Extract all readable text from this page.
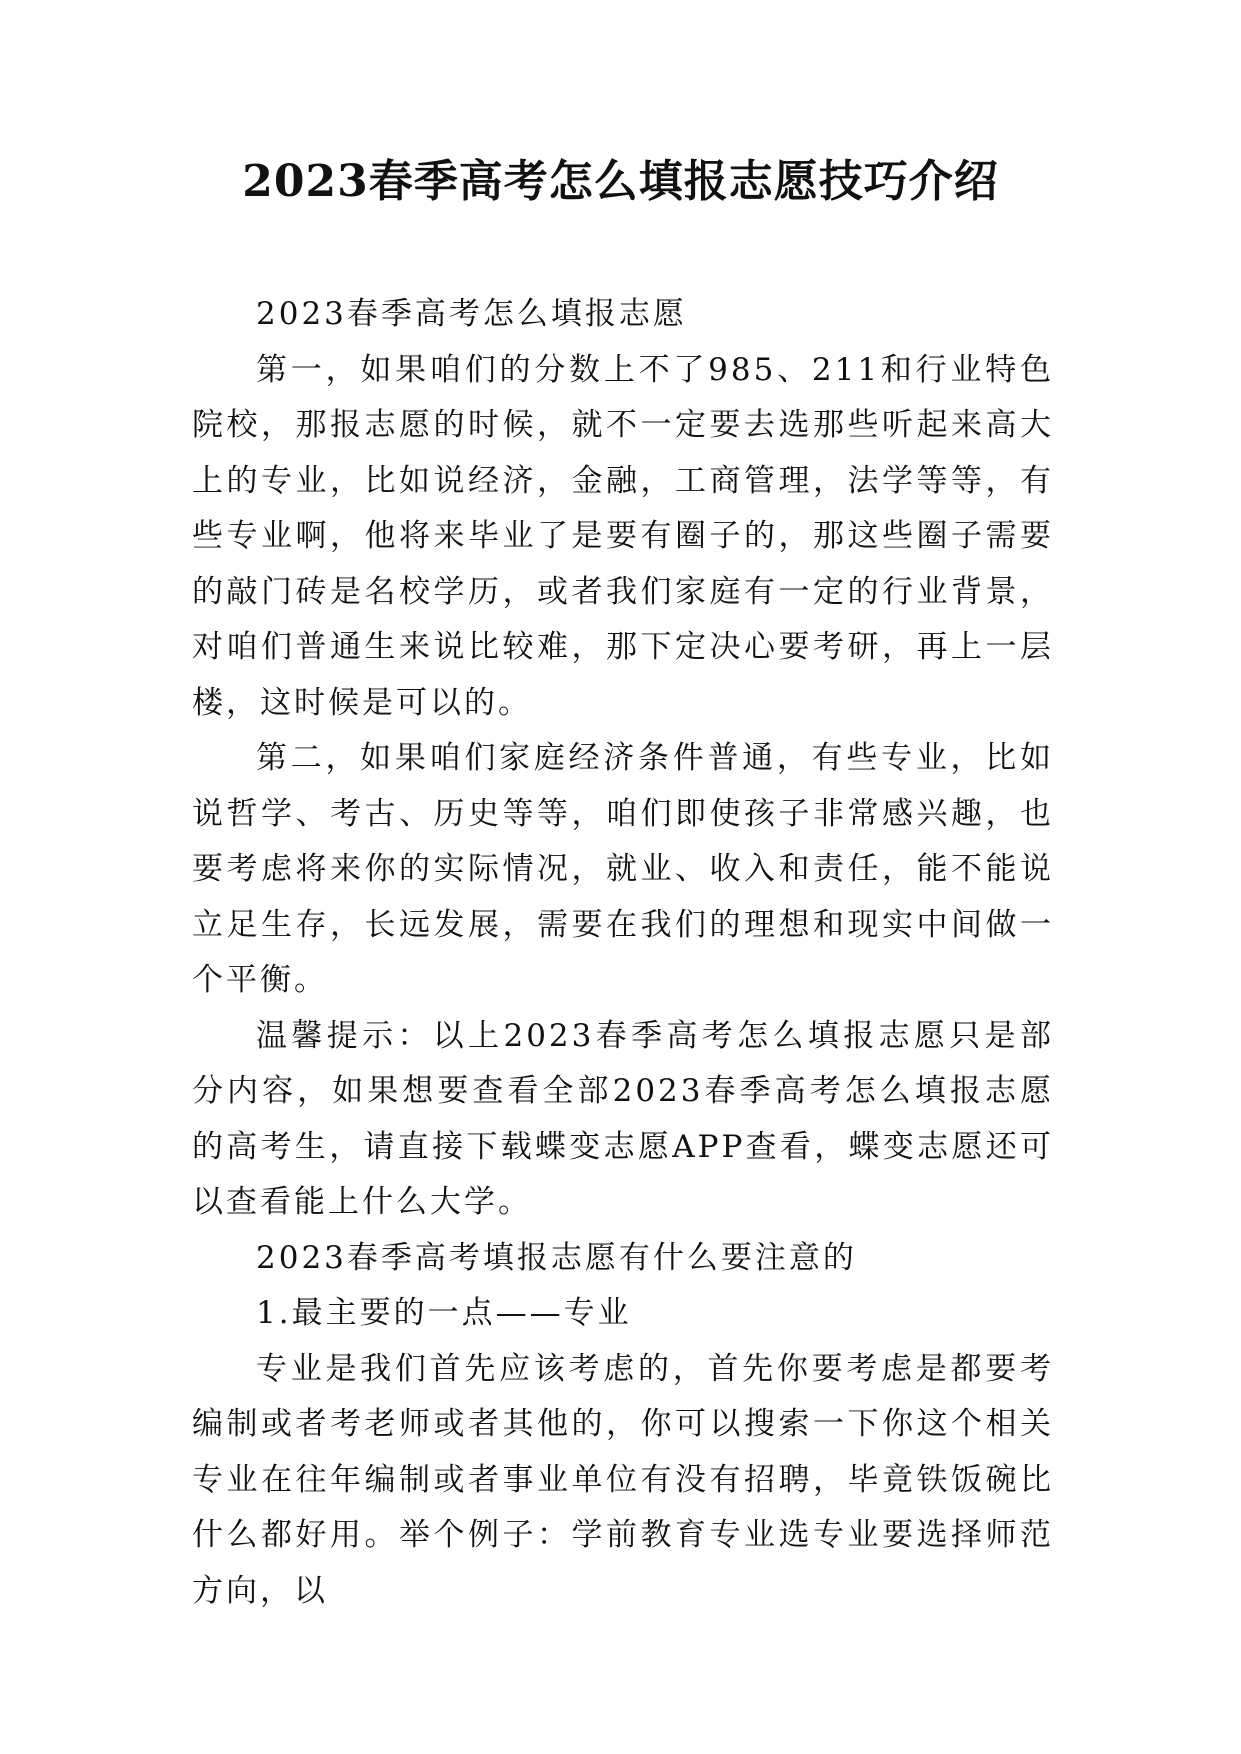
2023春季高考怎么填报志愿技巧介绍

2023春季高考怎么填报志愿

第一，如果咱们的分数上不了985、211和行业特色院校，那报志愿的时候，就不一定要去选那些听起来高大上的专业，比如说经济，金融，工商管理，法学等等，有些专业啊，他将来毕业了是要有圈子的，那这些圈子需要的敲门砖是名校学历，或者我们家庭有一定的行业背景，对咱们普通生来说比较难，那下定决心要考研，再上一层楼，这时候是可以的。

第二，如果咱们家庭经济条件普通，有些专业，比如说哲学、考古、历史等等，咱们即使孩子非常感兴趣，也要考虑将来你的实际情况，就业、收入和责任，能不能说立足生存，长远发展，需要在我们的理想和现实中间做一个平衡。

温馨提示：以上2023春季高考怎么填报志愿只是部分内容，如果想要查看全部2023春季高考怎么填报志愿的高考生，请直接下载蝶变志愿APP查看，蝶变志愿还可以查看能上什么大学。

2023春季高考填报志愿有什么要注意的

1.最主要的一点——专业

专业是我们首先应该考虑的，首先你要考虑是都要考编制或者考老师或者其他的，你可以搜索一下你这个相关专业在往年编制或者事业单位有没有招聘，毕竟铁饭碗比什么都好用。举个例子：学前教育专业选专业要选择师范方向，以
